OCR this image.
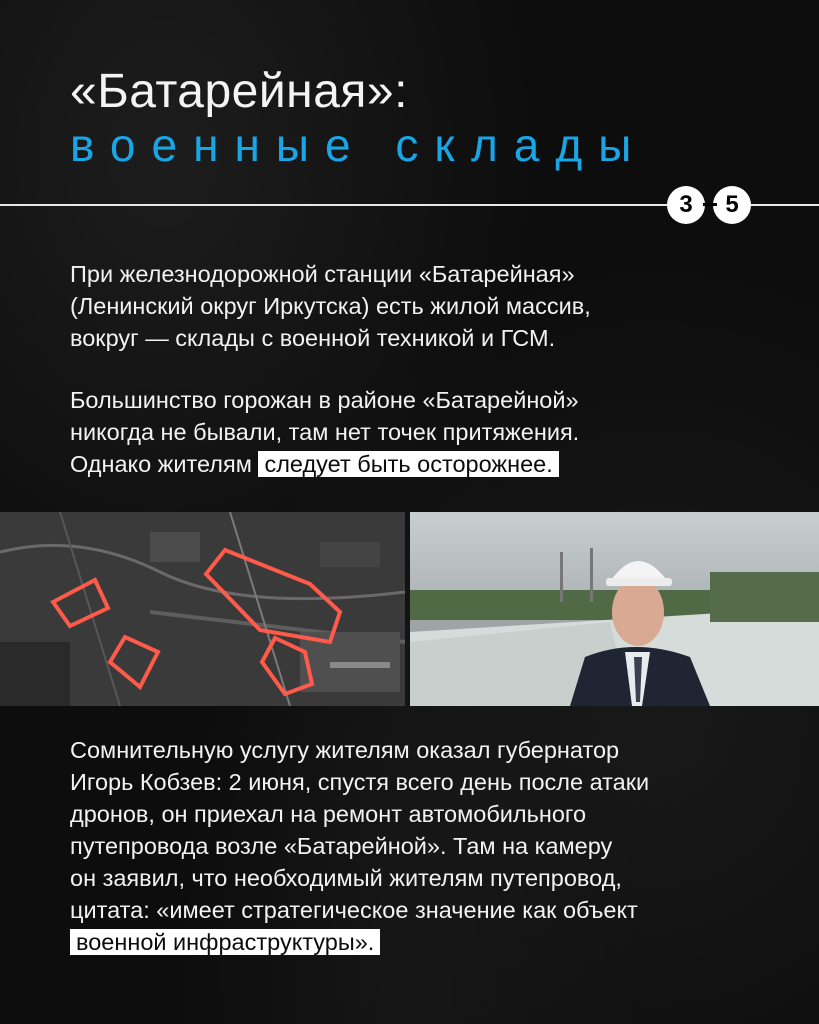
«Батарейная»:
военные склады
3	5
При железнодорожной станции «Батарейная»
(Ленинский округ Иркутска) есть жилой массив,
вокруг — склады с военной техникой и ГСМ.
Большинство горожан в районе «Батарейной»
никогда не бывали, там нет точек притяжения.
Однако жителям следует быть осторожнее.
Сомнительную услугу жителям оказал губернатор
Игорь Кобзев: 2 июня, спустя всего день после атаки
дронов, он приехал на ремонт автомобильного
путепровода возле «Батарейной». Там на камеру
он заявил, что необходимый жителям путепровод,
цитата: «имеет стратегическое значение как объект
военной инфраструктуры».
